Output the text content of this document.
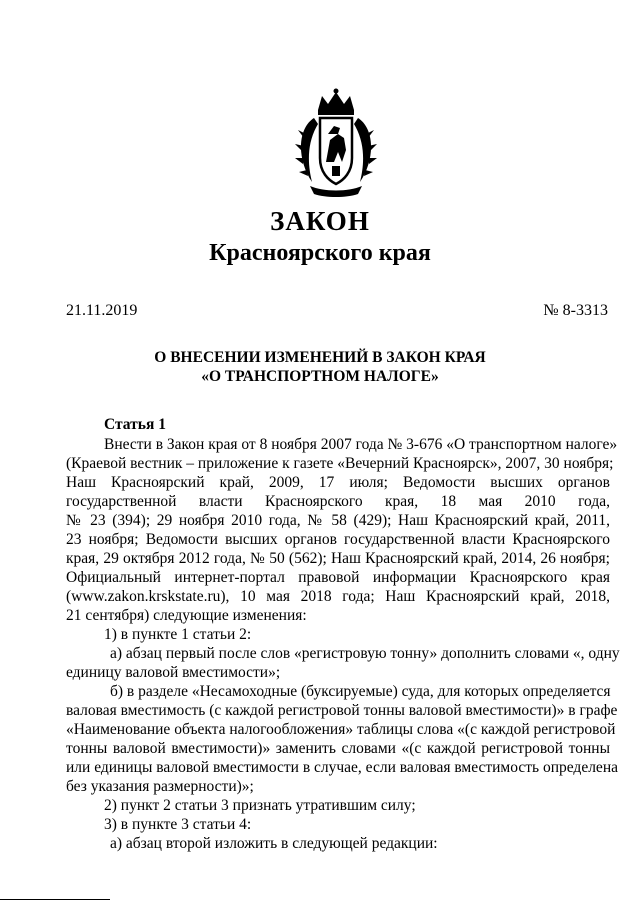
ЗАКОН
Красноярского края
21.11.2019	№ 8-3313
О ВНЕСЕНИИ ИЗМЕНЕНИЙ В ЗАКОН КРАЯ
«О ТРАНСПОРТНОМ НАЛОГЕ»
Статья 1
Внести в Закон края от 8 ноября 2007 года № 3-676 «О транспортном налоге»
(Краевой вестник – приложение к газете «Вечерний Красноярск», 2007, 30 ноября;
Наш Красноярский край, 2009, 17 июля; Ведомости высших органов
государственной власти Красноярского края, 18 мая 2010 года,
№ 23 (394); 29 ноября 2010 года, № 58 (429); Наш Красноярский край, 2011,
23 ноября; Ведомости высших органов государственной власти Красноярского
края, 29 октября 2012 года, № 50 (562); Наш Красноярский край, 2014, 26 ноября;
Официальный интернет-портал правовой информации Красноярского края
(www.zakon.krskstate.ru), 10 мая 2018 года; Наш Красноярский край, 2018,
21 сентября) следующие изменения:
1) в пункте 1 статьи 2:
а) абзац первый после слов «регистровую тонну» дополнить словами «, одну
единицу валовой вместимости»;
б) в разделе «Несамоходные (буксируемые) суда, для которых определяется
валовая вместимость (с каждой регистровой тонны валовой вместимости)» в графе
«Наименование объекта налогообложения» таблицы слова «(с каждой регистровой
тонны валовой вместимости)» заменить словами «(с каждой регистровой тонны
или единицы валовой вместимости в случае, если валовая вместимость определена
без указания размерности)»;
2) пункт 2 статьи 3 признать утратившим силу;
3) в пункте 3 статьи 4:
а) абзац второй изложить в следующей редакции:
